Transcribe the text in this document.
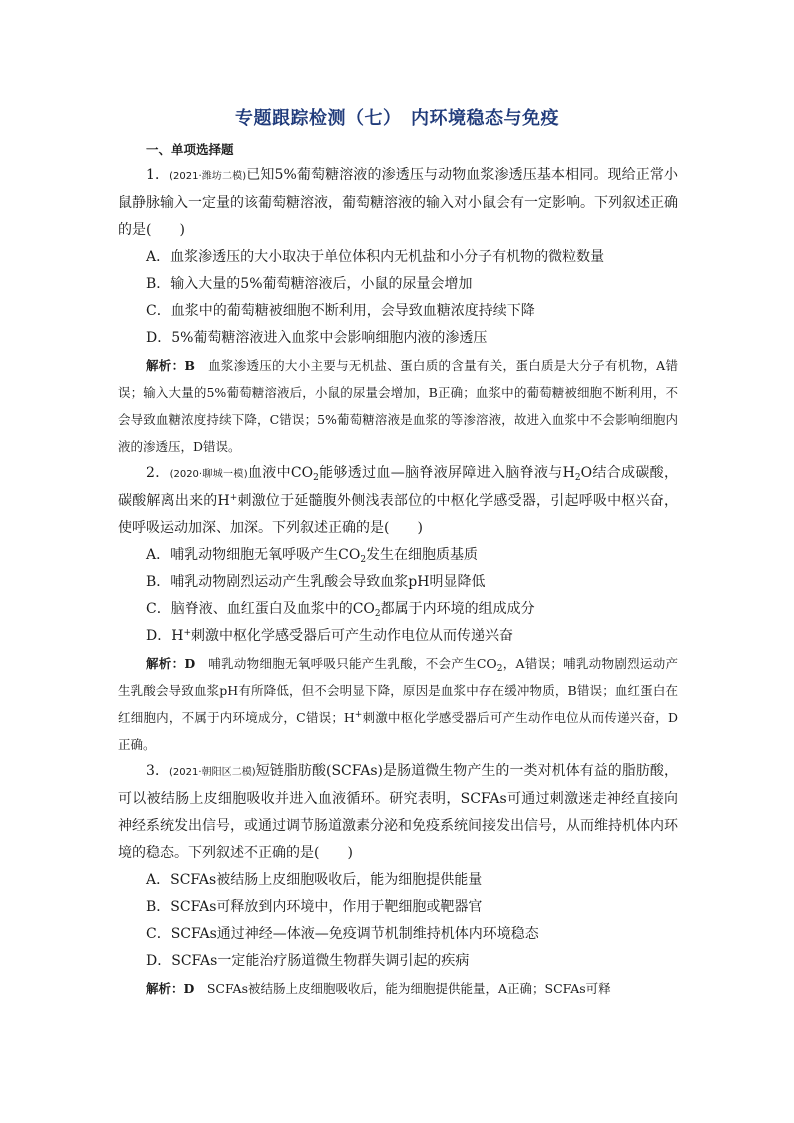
专题跟踪检测（七）　内环境稳态与免疫
一、单项选择题

1．(2021·潍坊二模)已知5%葡萄糖溶液的渗透压与动物血浆渗透压基本相同。现给正常小鼠静脉输入一定量的该葡萄糖溶液，葡萄糖溶液的输入对小鼠会有一定影响。下列叙述正确的是(　　)

A．血浆渗透压的大小取决于单位体积内无机盐和小分子有机物的微粒数量

B．输入大量的5%葡萄糖溶液后，小鼠的尿量会增加

C．血浆中的葡萄糖被细胞不断利用，会导致血糖浓度持续下降

D．5%葡萄糖溶液进入血浆中会影响细胞内液的渗透压

解析：B　血浆渗透压的大小主要与无机盐、蛋白质的含量有关，蛋白质是大分子有机物，A错误；输入大量的5%葡萄糖溶液后，小鼠的尿量会增加，B正确；血浆中的葡萄糖被细胞不断利用，不会导致血糖浓度持续下降，C错误；5%葡萄糖溶液是血浆的等渗溶液，故进入血浆中不会影响细胞内液的渗透压，D错误。

2．(2020·聊城一模)血液中$CO_2$能够透过血—脑脊液屏障进入脑脊液与$H_2O$结合成碳酸，碳酸解离出来的H+刺激位于延髓腹外侧浅表部位的中枢化学感受器，引起呼吸中枢兴奋，使呼吸运动加深、加深。下列叙述正确的是(　　)

A．哺乳动物细胞无氧呼吸产生$CO_2$发生在细胞质基质

B．哺乳动物剧烈运动产生乳酸会导致血浆pH明显降低

C．脑脊液、血红蛋白及血浆中的$CO_2$都属于内环境的组成成分

D．H+刺激中枢化学感受器后可产生动作电位从而传递兴奋

解析：D　哺乳动物细胞无氧呼吸只能产生乳酸，不会产生$CO_2$，A错误；哺乳动物剧烈运动产生乳酸会导致血浆pH有所降低，但不会明显下降，原因是血浆中存在缓冲物质，B错误；血红蛋白在红细胞内，不属于内环境成分，C错误；H+刺激中枢化学感受器后可产生动作电位从而传递兴奋，D正确。

3．(2021·朝阳区二模)短链脂肪酸(SCFAs)是肠道微生物产生的一类对机体有益的脂肪酸，可以被结肠上皮细胞吸收并进入血液循环。研究表明，SCFAs可通过刺激迷走神经直接向神经系统发出信号，或通过调节肠道激素分泌和免疫系统间接发出信号，从而维持机体内环境的稳态。下列叙述不正确的是(　　)

A．SCFAs被结肠上皮细胞吸收后，能为细胞提供能量

B．SCFAs可释放到内环境中，作用于靶细胞或靶器官

C．SCFAs通过神经—体液—免疫调节机制维持机体内环境稳态

D．SCFAs一定能治疗肠道微生物群失调引起的疾病

解析：D　SCFAs被结肠上皮细胞吸收后，能为细胞提供能量，A正确；SCFAs可释
